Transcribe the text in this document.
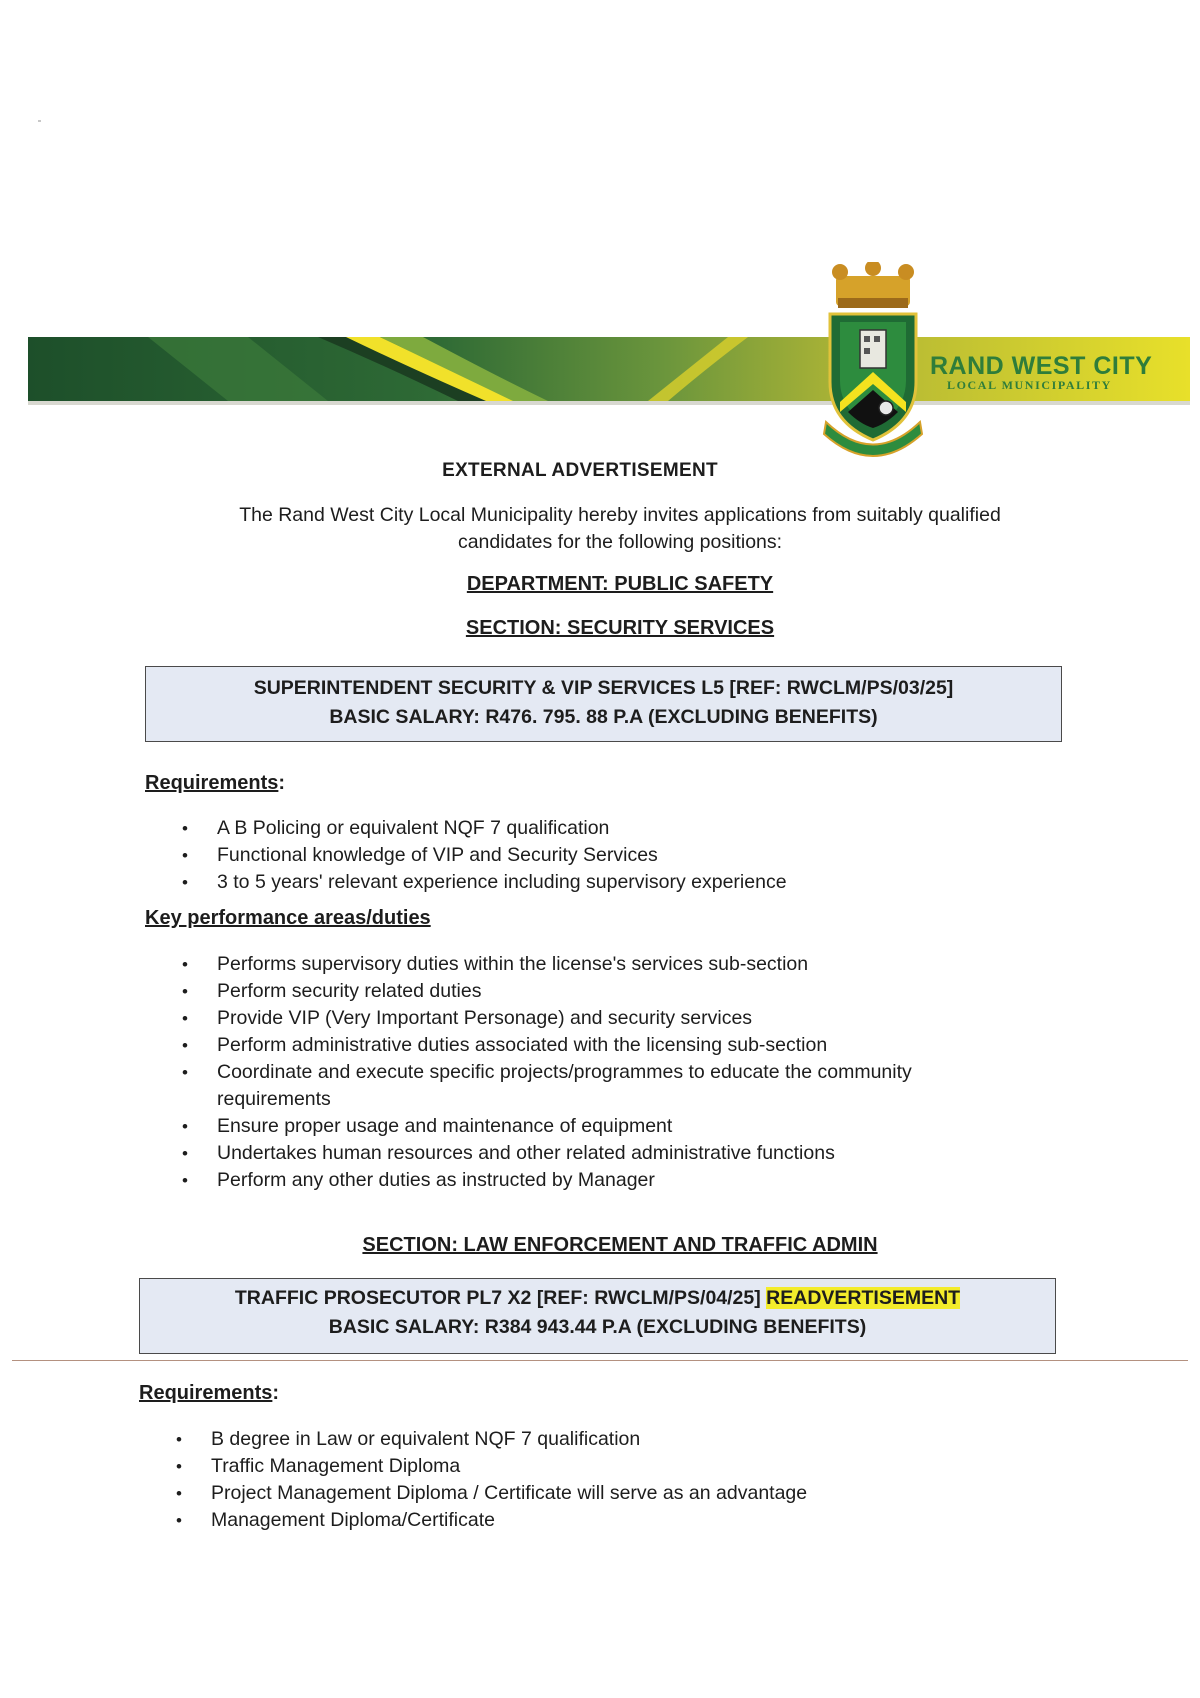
RAND WEST CITY
LOCAL MUNICIPALITY
EXTERNAL ADVERTISEMENT
The Rand West City Local Municipality hereby invites applications from suitably qualified
candidates for the following positions:
DEPARTMENT: PUBLIC SAFETY
SECTION: SECURITY SERVICES
SUPERINTENDENT SECURITY & VIP SERVICES L5 [REF: RWCLM/PS/03/25]
BASIC SALARY: R476. 795. 88 P.A (EXCLUDING BENEFITS)
Requirements:
• A B Policing or equivalent NQF 7 qualification
• Functional knowledge of VIP and Security Services
• 3 to 5 years' relevant experience including supervisory experience
Key performance areas/duties
• Performs supervisory duties within the license's services sub-section
• Perform security related duties
• Provide VIP (Very Important Personage) and security services
• Perform administrative duties associated with the licensing sub-section
• Coordinate and execute specific projects/programmes to educate the community requirements
• Ensure proper usage and maintenance of equipment
• Undertakes human resources and other related administrative functions
• Perform any other duties as instructed by Manager
SECTION: LAW ENFORCEMENT AND TRAFFIC ADMIN
TRAFFIC PROSECUTOR PL7 X2 [REF: RWCLM/PS/04/25] READVERTISEMENT
BASIC SALARY: R384 943.44 P.A (EXCLUDING BENEFITS)
Requirements:
• B degree in Law or equivalent NQF 7 qualification
• Traffic Management Diploma
• Project Management Diploma / Certificate will serve as an advantage
• Management Diploma/Certificate
